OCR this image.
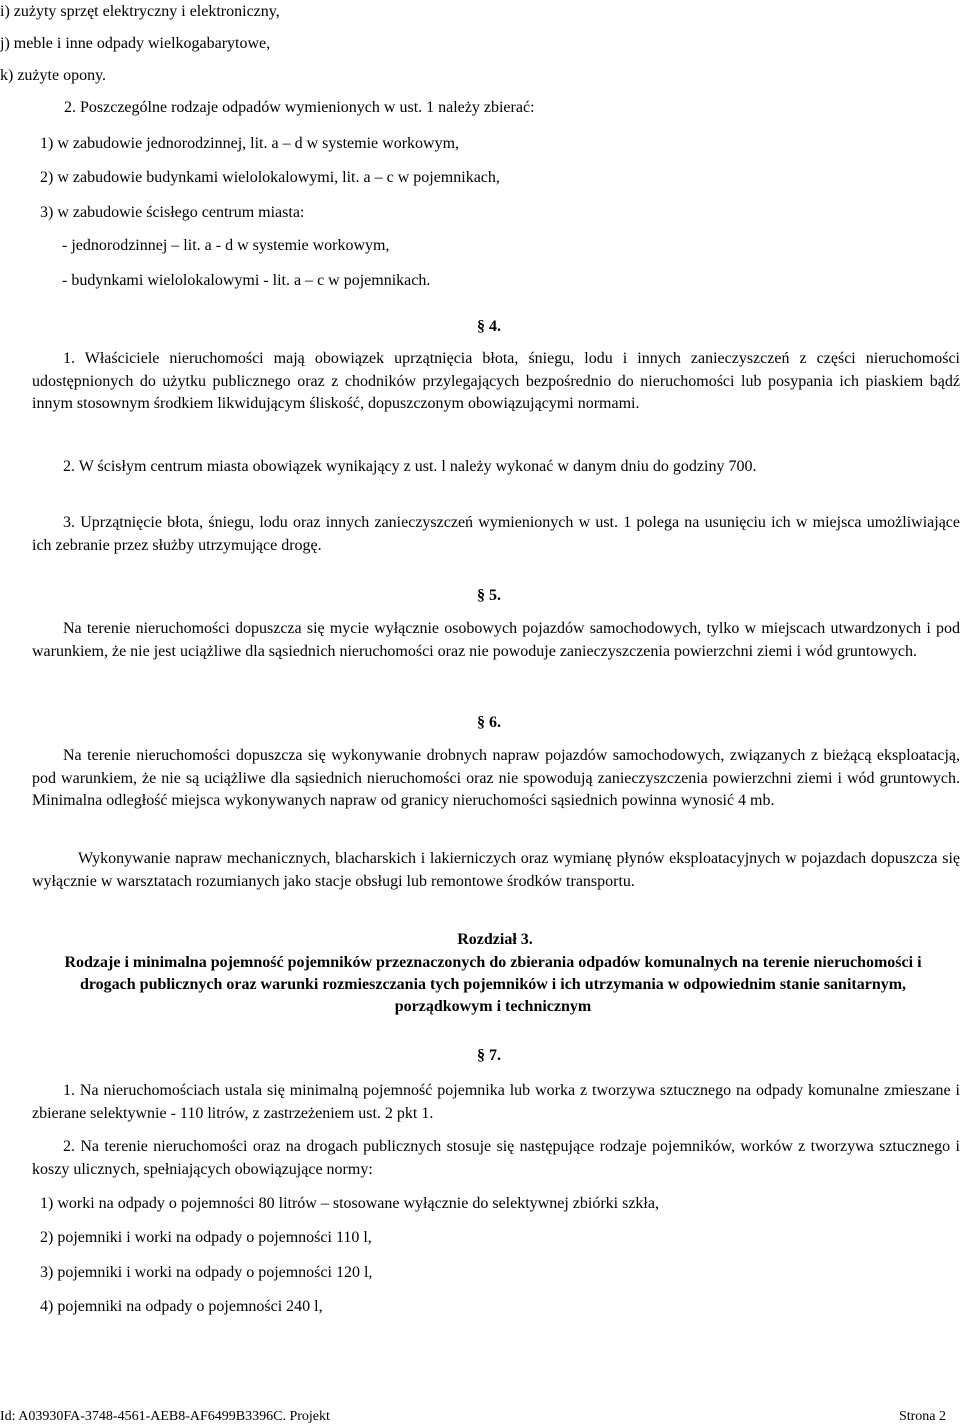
i) zużyty sprzęt elektryczny i elektroniczny,
j) meble i inne odpady wielkogabarytowe,
k) zużyte opony.
2. Poszczególne rodzaje odpadów wymienionych w ust. 1 należy zbierać:
1) w zabudowie jednorodzinnej, lit. a – d w systemie workowym,
2) w zabudowie budynkami wielolokalowymi, lit. a – c w pojemnikach,
3) w zabudowie ścisłego centrum miasta:
- jednorodzinnej – lit. a - d w systemie workowym,
- budynkami wielolokalowymi - lit. a – c w pojemnikach.
§ 4.
1. Właściciele nieruchomości mają obowiązek uprzątnięcia błota, śniegu, lodu i innych zanieczyszczeń z części nieruchomości udostępnionych do użytku publicznego oraz z chodników przylegających bezpośrednio do nieruchomości lub posypania ich piaskiem bądź innym stosownym środkiem likwidującym śliskość, dopuszczonym obowiązującymi normami.
2. W ścisłym centrum miasta obowiązek wynikający z ust. l należy wykonać w danym dniu do godziny 700.
3. Uprzątnięcie błota, śniegu, lodu oraz innych zanieczyszczeń wymienionych w ust. 1 polega na usunięciu ich w miejsca umożliwiające ich zebranie przez służby utrzymujące drogę.
§ 5.
Na terenie nieruchomości dopuszcza się mycie wyłącznie osobowych pojazdów samochodowych, tylko w miejscach utwardzonych i pod warunkiem, że nie jest uciążliwe dla sąsiednich nieruchomości oraz nie powoduje zanieczyszczenia powierzchni ziemi i wód gruntowych.
§ 6.
Na terenie nieruchomości dopuszcza się wykonywanie drobnych napraw pojazdów samochodowych, związanych z bieżącą eksploatacją, pod warunkiem, że nie są uciążliwe dla sąsiednich nieruchomości oraz nie spowodują zanieczyszczenia powierzchni ziemi i wód gruntowych. Minimalna odległość miejsca wykonywanych napraw od granicy nieruchomości sąsiednich powinna wynosić 4 mb.
Wykonywanie napraw mechanicznych, blacharskich i lakierniczych oraz wymianę płynów eksploatacyjnych w pojazdach dopuszcza się wyłącznie w warsztatach rozumianych jako stacje obsługi lub remontowe środków transportu.
Rozdział 3.
Rodzaje i minimalna pojemność pojemników przeznaczonych do zbierania odpadów komunalnych na terenie nieruchomości i drogach publicznych oraz warunki rozmieszczania tych pojemników i ich utrzymania w odpowiednim stanie sanitarnym, porządkowym i technicznym
§ 7.
1. Na nieruchomościach ustala się minimalną pojemność pojemnika lub worka z tworzywa sztucznego na odpady komunalne zmieszane i zbierane selektywnie - 110 litrów, z zastrzeżeniem ust. 2 pkt 1.
2. Na terenie nieruchomości oraz na drogach publicznych stosuje się następujące rodzaje pojemników, worków z tworzywa sztucznego i koszy ulicznych, spełniających obowiązujące normy:
1) worki na odpady o pojemności 80 litrów – stosowane wyłącznie do selektywnej zbiórki szkła,
2) pojemniki i worki na odpady o pojemności 110 l,
3) pojemniki i worki na odpady o pojemności 120 l,
4) pojemniki na odpady o pojemności 240 l,
Id: A03930FA-3748-4561-AEB8-AF6499B3396C. Projekt	Strona 2
